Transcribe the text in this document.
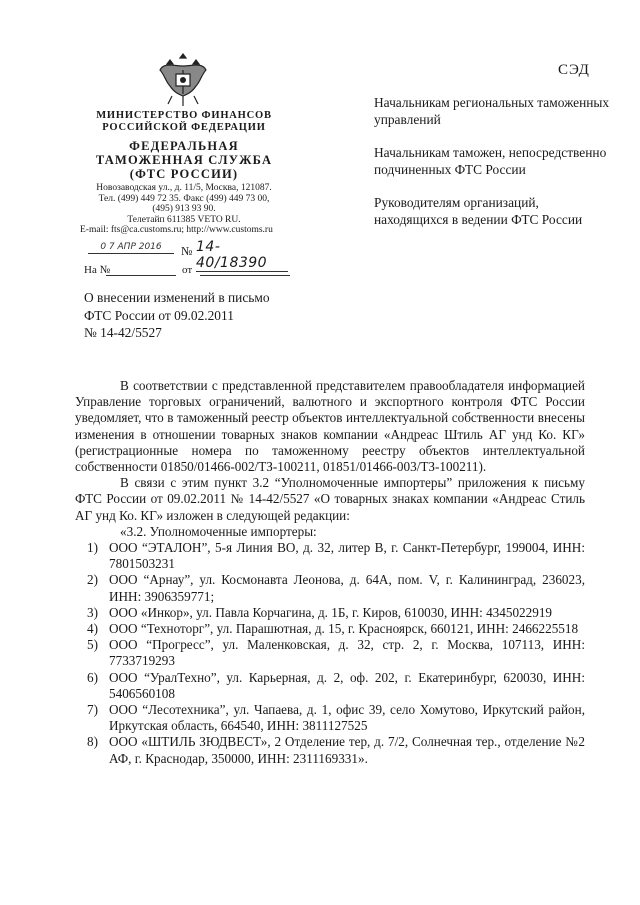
СЭД
МИНИСТЕРСТВО ФИНАНСОВ
РОССИЙСКОЙ ФЕДЕРАЦИИ
ФЕДЕРАЛЬНАЯ
ТАМОЖЕННАЯ СЛУЖБА
(ФТС РОССИИ)
Новозаводская ул., д. 11/5, Москва, 121087.
Тел. (499) 449 72 35. Факс (499) 449 73 00,
(495) 913 93 90.
Телетайп 611385 VETO RU.
E-mail: fts@ca.customs.ru; http://www.customs.ru
0 7 АПР 2016	№ 14-40/18390
На №	от

Начальникам региональных таможенных управлений

Начальникам таможен, непосредственно подчиненных ФТС России

Руководителям организаций, находящихся в ведении ФТС России

О внесении изменений в письмо
ФТС России от 09.02.2011
№ 14-42/5527

В соответствии с представленной представителем правообладателя информацией Управление торговых ограничений, валютного и экспортного контроля ФТС России уведомляет, что в таможенный реестр объектов интеллектуальной собственности внесены изменения в отношении товарных знаков компании «Андреас Штиль АГ унд Ко. КГ» (регистрационные номера по таможенному реестру объектов интеллектуальной собственности 01850/01466-002/ТЗ-100211, 01851/01466-003/ТЗ-100211).

В связи с этим пункт 3.2 “Уполномоченные импортеры” приложения к письму ФТС России от 09.02.2011 № 14-42/5527 «О товарных знаках компании «Андреас Стиль АГ унд Ко. КГ» изложен в следующей редакции:

«3.2. Уполномоченные импортеры:

1) ООО “ЭТАЛОН”, 5-я Линия ВО, д. 32, литер В, г. Санкт-Петербург, 199004, ИНН: 7801503231
2) ООО “Арнау”, ул. Космонавта Леонова, д. 64А, пом. V, г. Калининград, 236023, ИНН: 3906359771;
3) ООО «Инкор», ул. Павла Корчагина, д. 1Б, г. Киров, 610030, ИНН: 4345022919
4) ООО “Техноторг”, ул. Парашютная, д. 15, г. Красноярск, 660121, ИНН: 2466225518
5) ООО “Прогресс”, ул. Маленковская, д. 32, стр. 2, г. Москва, 107113, ИНН: 7733719293
6) ООО “УралТехно”, ул. Карьерная, д. 2, оф. 202, г. Екатеринбург, 620030, ИНН: 5406560108
7) ООО “Лесотехника”, ул. Чапаева, д. 1, офис 39, село Хомутово, Иркутский район, Иркутская область, 664540, ИНН: 3811127525
8) ООО «ШТИЛЬ ЗЮДВЕСТ», 2 Отделение тер, д. 7/2, Солнечная тер., отделение №2 АФ, г. Краснодар, 350000, ИНН: 2311169331».
